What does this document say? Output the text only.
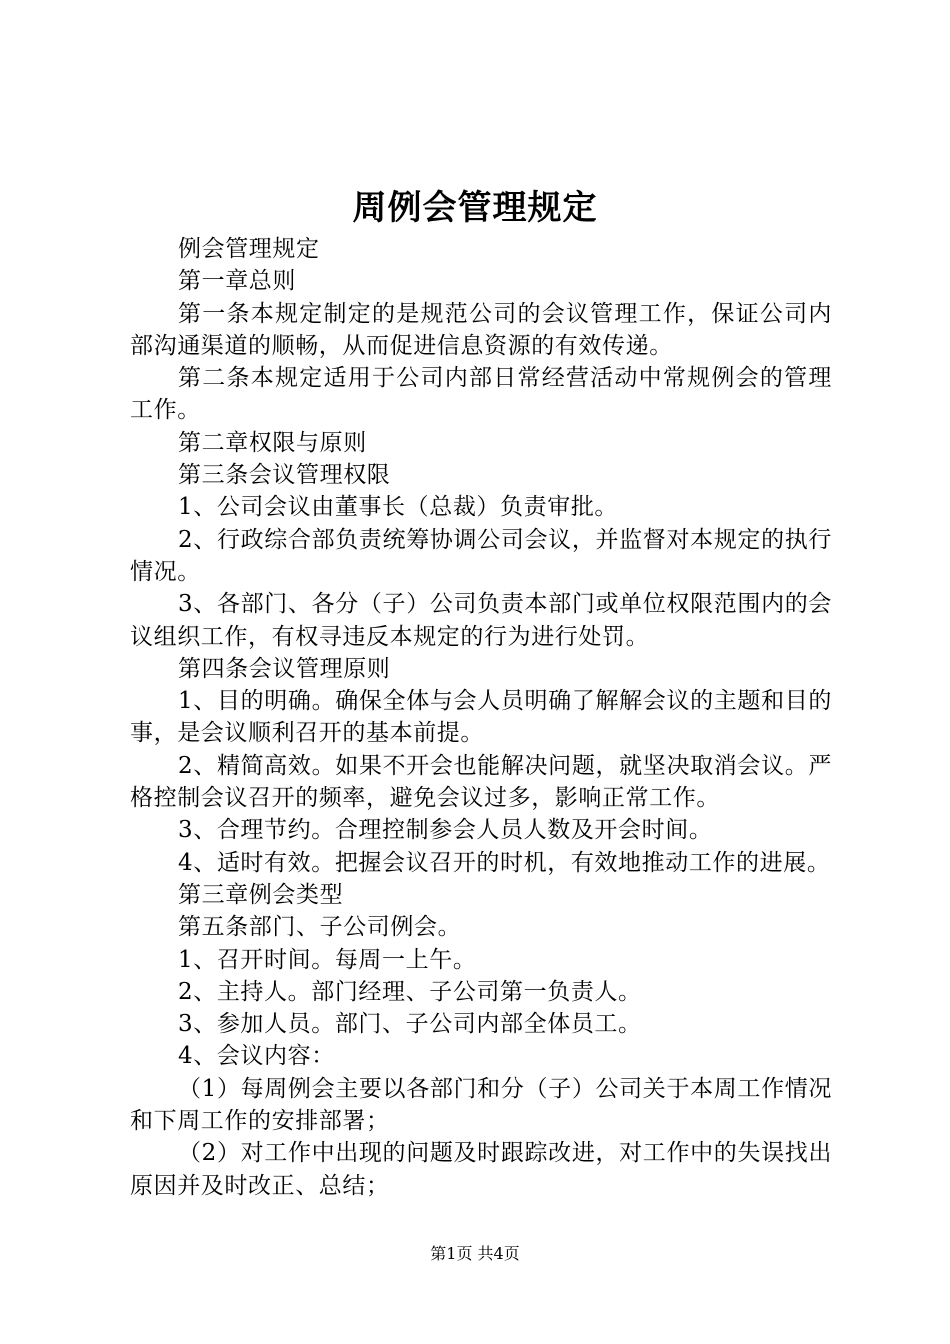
周例会管理规定

例会管理规定

第一章总则

第一条本规定制定的是规范公司的会议管理工作，保证公司内部沟通渠道的顺畅，从而促进信息资源的有效传递。

第二条本规定适用于公司内部日常经营活动中常规例会的管理工作。

第二章权限与原则

第三条会议管理权限

1、公司会议由董事长（总裁）负责审批。

2、行政综合部负责统筹协调公司会议，并监督对本规定的执行情况。

3、各部门、各分（子）公司负责本部门或单位权限范围内的会议组织工作，有权寻违反本规定的行为进行处罚。

第四条会议管理原则

1、目的明确。确保全体与会人员明确了解解会议的主题和目的事，是会议顺利召开的基本前提。

2、精简高效。如果不开会也能解决问题，就坚决取消会议。严格控制会议召开的频率，避免会议过多，影响正常工作。

3、合理节约。合理控制参会人员人数及开会时间。

4、适时有效。把握会议召开的时机，有效地推动工作的进展。

第三章例会类型

第五条部门、子公司例会。

1、召开时间。每周一上午。

2、主持人。部门经理、子公司第一负责人。

3、参加人员。部门、子公司内部全体员工。

4、会议内容：

（1）每周例会主要以各部门和分（子）公司关于本周工作情况和下周工作的安排部署；

（2）对工作中出现的问题及时跟踪改进，对工作中的失误找出原因并及时改正、总结；

第1页 共4页
